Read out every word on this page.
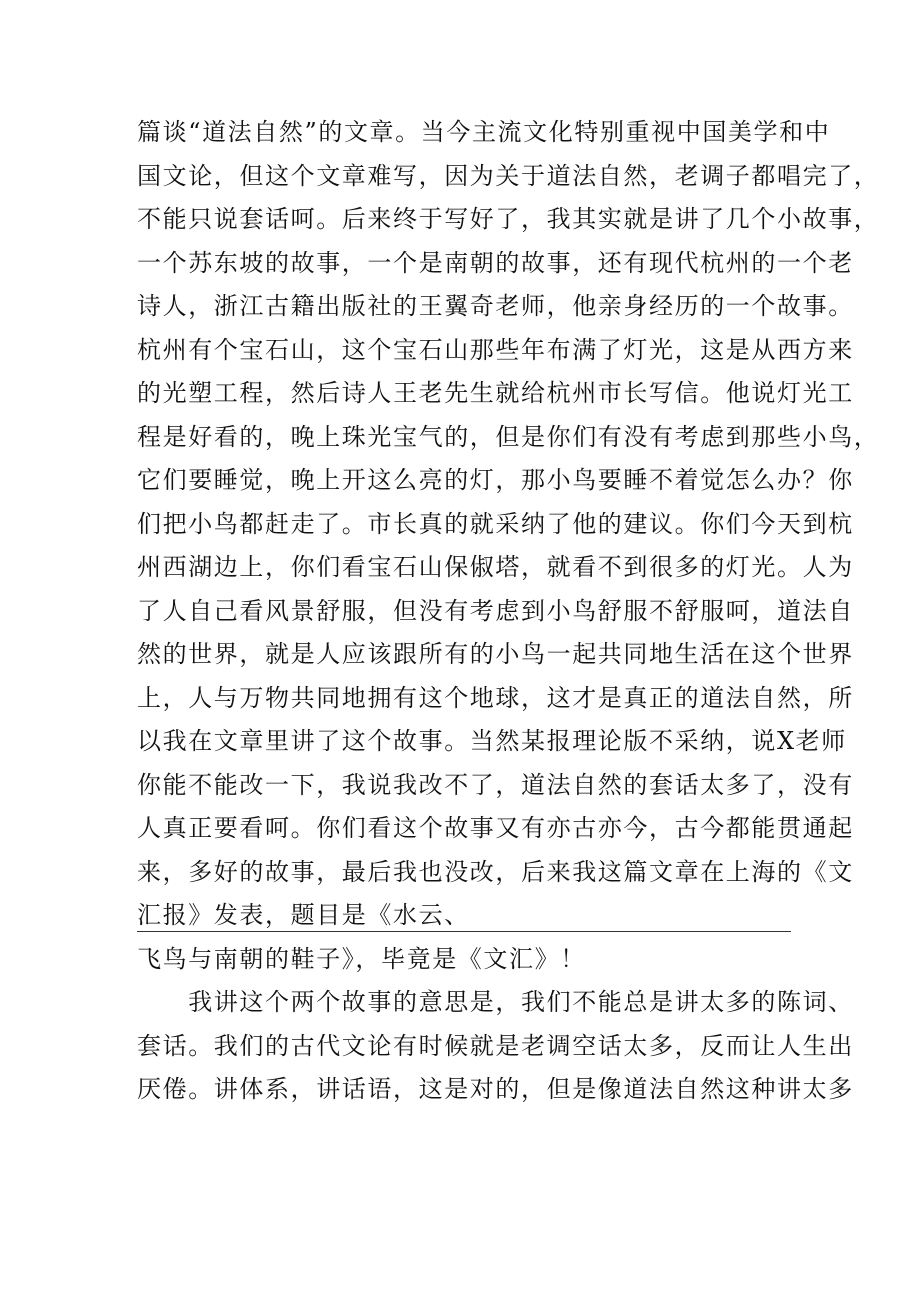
篇谈“道法自然”的文章。当今主流文化特别重视中国美学和中
国文论，但这个文章难写，因为关于道法自然，老调子都唱完了，
不能只说套话呵。后来终于写好了，我其实就是讲了几个小故事，
一个苏东坡的故事，一个是南朝的故事，还有现代杭州的一个老
诗人，浙江古籍出版社的王翼奇老师，他亲身经历的一个故事。
杭州有个宝石山，这个宝石山那些年布满了灯光，这是从西方来
的光塑工程，然后诗人王老先生就给杭州市长写信。他说灯光工
程是好看的，晚上珠光宝气的，但是你们有没有考虑到那些小鸟，
它们要睡觉，晚上开这么亮的灯，那小鸟要睡不着觉怎么办？你
们把小鸟都赶走了。市长真的就采纳了他的建议。你们今天到杭
州西湖边上，你们看宝石山保俶塔，就看不到很多的灯光。人为
了人自己看风景舒服，但没有考虑到小鸟舒服不舒服呵，道法自
然的世界，就是人应该跟所有的小鸟一起共同地生活在这个世界
上，人与万物共同地拥有这个地球，这才是真正的道法自然，所
以我在文章里讲了这个故事。当然某报理论版不采纳，说X老师
你能不能改一下，我说我改不了，道法自然的套话太多了，没有
人真正要看呵。你们看这个故事又有亦古亦今，古今都能贯通起
来，多好的故事，最后我也没改，后来我这篇文章在上海的《文
汇报》发表，题目是《水云、
飞鸟与南朝的鞋子》，毕竟是《文汇》！
　　我讲这个两个故事的意思是，我们不能总是讲太多的陈词、
套话。我们的古代文论有时候就是老调空话太多，反而让人生出
厌倦。讲体系，讲话语，这是对的，但是像道法自然这种讲太多
